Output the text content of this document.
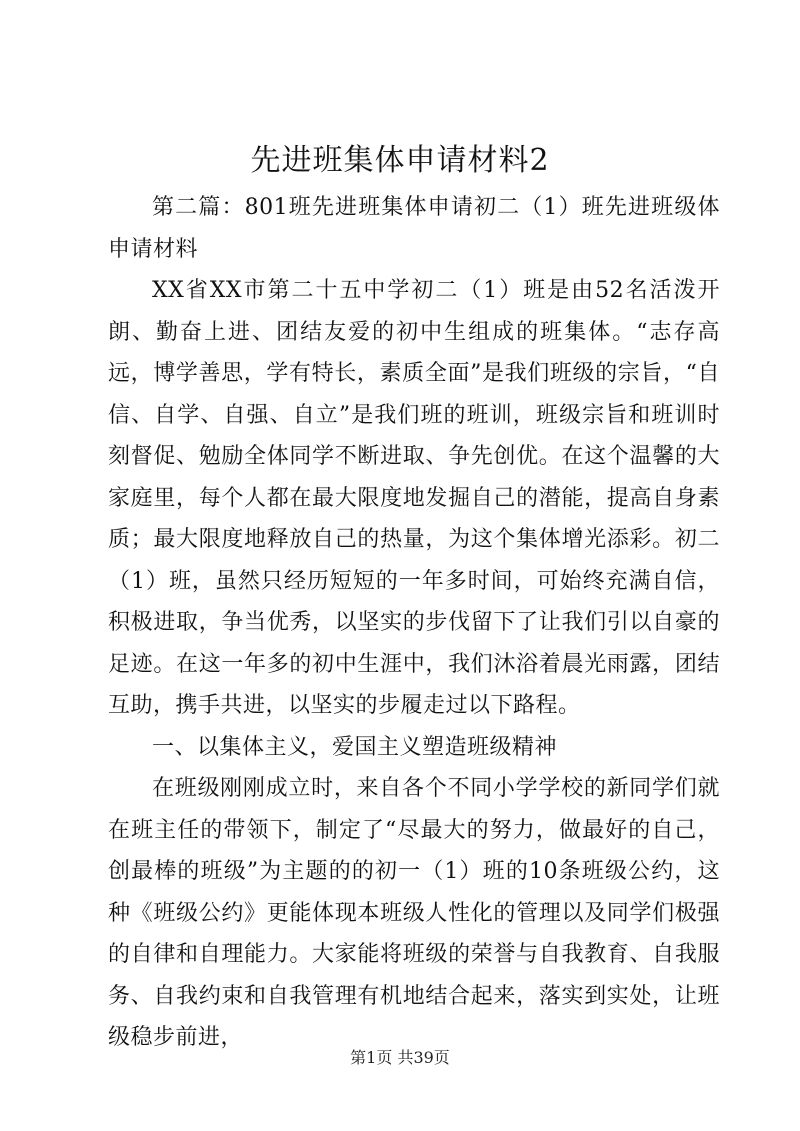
先进班集体申请材料2

第二篇：801班先进班集体申请初二（1）班先进班级体申请材料

XX省XX市第二十五中学初二（1）班是由52名活泼开朗、勤奋上进、团结友爱的初中生组成的班集体。“志存高远，博学善思，学有特长，素质全面”是我们班级的宗旨，“自信、自学、自强、自立”是我们班的班训，班级宗旨和班训时刻督促、勉励全体同学不断进取、争先创优。在这个温馨的大家庭里，每个人都在最大限度地发掘自己的潜能，提高自身素质；最大限度地释放自己的热量，为这个集体增光添彩。初二（1）班，虽然只经历短短的一年多时间，可始终充满自信，积极进取，争当优秀，以坚实的步伐留下了让我们引以自豪的足迹。在这一年多的初中生涯中，我们沐浴着晨光雨露，团结互助，携手共进，以坚实的步履走过以下路程。

一、以集体主义，爱国主义塑造班级精神

在班级刚刚成立时，来自各个不同小学学校的新同学们就在班主任的带领下，制定了“尽最大的努力，做最好的自己，创最棒的班级”为主题的的初一（1）班的10条班级公约，这种《班级公约》更能体现本班级人性化的管理以及同学们极强的自律和自理能力。大家能将班级的荣誉与自我教育、自我服务、自我约束和自我管理有机地结合起来，落实到实处，让班级稳步前进，

第1页 共39页
